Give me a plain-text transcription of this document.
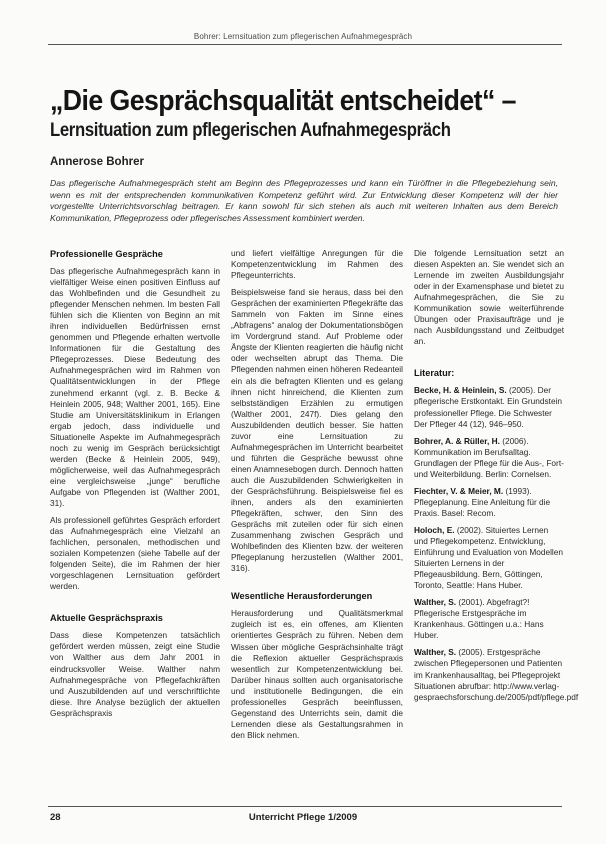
Bohrer: Lernsituation zum pflegerischen Aufnahmegespräch
„Die Gesprächsqualität entscheidet“ –
Lernsituation zum pflegerischen Aufnahmegespräch
Annerose Bohrer

Das pflegerische Aufnahmegespräch steht am Beginn des Pflegeprozesses und kann ein Türöffner in die Pflegebeziehung sein, wenn es mit der entsprechenden kommunikativen Kompetenz geführt wird. Zur Entwicklung dieser Kompetenz will der hier vorgestellte Unterrichtsvorschlag beitragen. Er kann sowohl für sich stehen als auch mit weiteren Inhalten aus dem Bereich Kommunikation, Pflegeprozess oder pflegerisches Assessment kombiniert werden.

Professionelle Gespräche

Das pflegerische Aufnahmegespräch kann in vielfältiger Weise einen positiven Einfluss auf das Wohlbefinden und die Gesundheit zu pflegender Menschen nehmen. Im besten Fall fühlen sich die Klienten von Beginn an mit ihren individuellen Bedürfnissen ernst genommen und Pflegende erhalten wertvolle Informationen für die Gestaltung des Pflegeprozesses. Diese Bedeutung des Aufnahmegesprächen wird im Rahmen von Qualitätsentwicklungen in der Pflege zunehmend erkannt (vgl. z. B. Becke & Heinlein 2005, 948; Walther 2001, 165). Eine Studie am Universitätsklinikum in Erlangen ergab jedoch, dass individuelle und Situationelle Aspekte im Aufnahmegespräch noch zu wenig im Gespräch berücksichtigt werden (Becke & Heinlein 2005, 949), möglicherweise, weil das Aufnahmegespräch eine vergleichsweise „junge“ berufliche Aufgabe von Pflegenden ist (Walther 2001, 31).

Als professionell geführtes Gespräch erfordert das Aufnahmegespräch eine Vielzahl an fachlichen, personalen, methodischen und sozialen Kompetenzen (siehe Tabelle auf der folgenden Seite), die im Rahmen der hier vorgeschlagenen Lernsituation gefördert werden.

Aktuelle Gesprächspraxis

Dass diese Kompetenzen tatsächlich gefördert werden müssen, zeigt eine Studie von Walther aus dem Jahr 2001 in eindrucksvoller Weise. Walther nahm Aufnahmegespräche von Pflegefachkräften und Auszubildenden auf und verschriftlichte diese. Ihre Analyse bezüglich der aktuellen Gesprächspraxis

und liefert vielfältige Anregungen für die Kompetenzentwicklung im Rahmen des Pflegeunterrichts.

Beispielsweise fand sie heraus, dass bei den Gesprächen der examinierten Pflegekräfte das Sammeln von Fakten im Sinne eines „Abfragens“ analog der Dokumentationsbögen im Vordergrund stand. Auf Probleme oder Ängste der Klienten reagierten die häufig nicht oder wechselten abrupt das Thema. Die Pflegenden nahmen einen höheren Redeanteil ein als die befragten Klienten und es gelang ihnen nicht hinreichend, die Klienten zum selbstständigen Erzählen zu ermutigen (Walther 2001, 247f). Dies gelang den Auszubildenden deutlich besser. Sie hatten zuvor eine Lernsituation zu Aufnahmegesprächen im Unterricht bearbeitet und führten die Gespräche bewusst ohne einen Anamnesebogen durch. Dennoch hatten auch die Auszubildenden Schwierigkeiten in der Gesprächsführung. Beispielsweise fiel es ihnen, anders als den examinierten Pflegekräften, schwer, den Sinn des Gesprächs mit zuteilen oder für sich einen Zusammenhang zwischen Gespräch und Wohlbefinden des Klienten bzw. der weiteren Pflegeplanung herzustellen (Walther 2001, 316).

Wesentliche Herausforderungen

Herausforderung und Qualitätsmerkmal zugleich ist es, ein offenes, am Klienten orientiertes Gespräch zu führen. Neben dem Wissen über mögliche Gesprächsinhalte trägt die Reflexion aktueller Gesprächspraxis wesentlich zur Kompetenzentwicklung bei. Darüber hinaus sollten auch organisatorische und institutionelle Bedingungen, die ein professionelles Gespräch beeinflussen, Gegenstand des Unterrichts sein, damit die Lernenden diese als Gestaltungsrahmen in den Blick nehmen.

Die folgende Lernsituation setzt an diesen Aspekten an. Sie wendet sich an Lernende im zweiten Ausbildungsjahr oder in der Examensphase und bietet zu Aufnahmegesprächen, die Sie zu Kommunikation sowie weiterführende Übungen oder Praxisaufträge und je nach Ausbildungsstand und Zeitbudget an.

Literatur:

Becke, H. & Heinlein, S. (2005). Der pflegerische Erstkontakt. Ein Grundstein professioneller Pflege. Die Schwester Der Pfleger 44 (12), 946–950.

Bohrer, A. & Rüller, H. (2006). Kommunikation im Berufsalltag. Grundlagen der Pflege für die Aus-, Fort- und Weiterbildung. Berlin: Cornelsen.

Fiechter, V. & Meier, M. (1993). Pflegeplanung. Eine Anleitung für die Praxis. Basel: Recom.

Holoch, E. (2002). Situiertes Lernen und Pflegekompetenz. Entwicklung, Einführung und Evaluation von Modellen Situierten Lernens in der Pflegeausbildung. Bern, Göttingen, Toronto, Seattle: Hans Huber.

Walther, S. (2001). Abgefragt?! Pflegerische Erstgespräche im Krankenhaus. Göttingen u.a.: Hans Huber.

Walther, S. (2005). Erstgespräche zwischen Pflegepersonen und Patienten im Krankenhausalltag, bei Pflegeprojekt Situationen abrufbar: http://www.verlag-gespraechsforschung.de/2005/pdf/pflege.pdf

28	Unterricht Pflege 1/2009
